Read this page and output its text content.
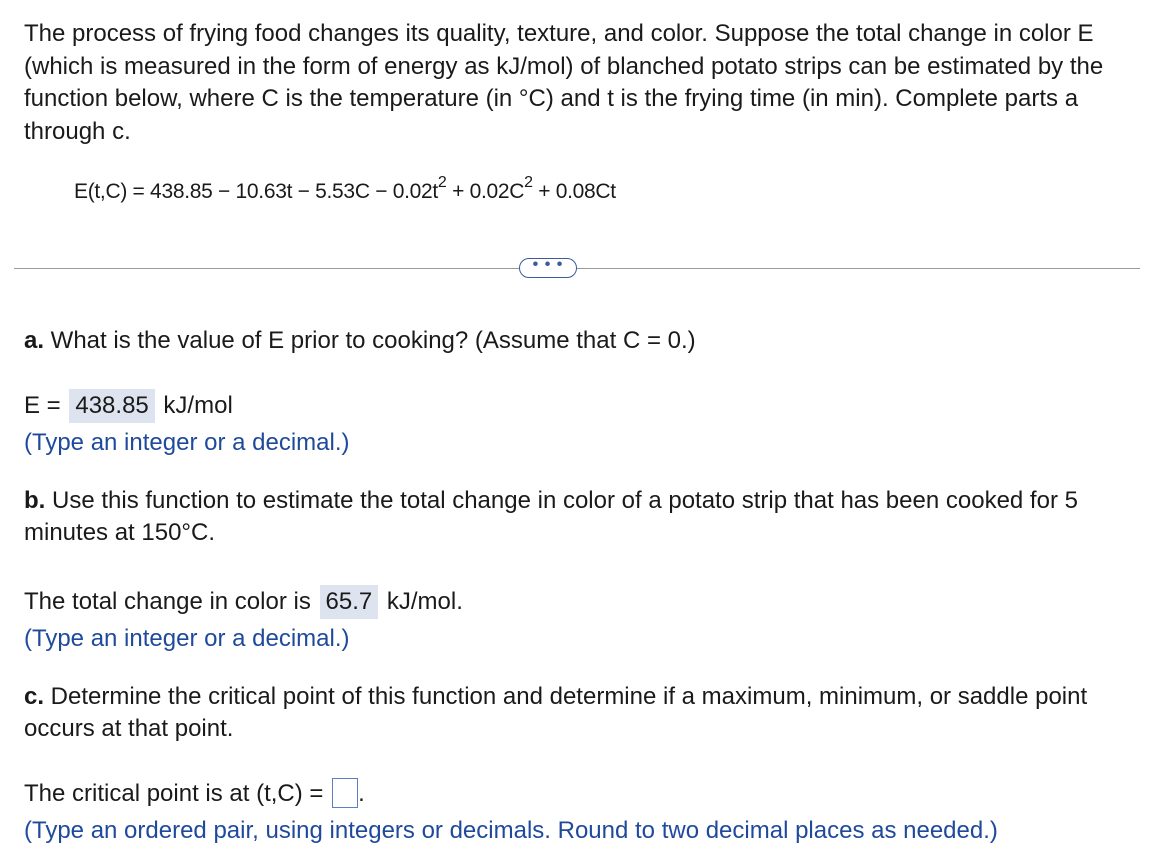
The process of frying food changes its quality, texture, and color. Suppose the total change in color E (which is measured in the form of energy as kJ/mol) of blanched potato strips can be estimated by the function below, where C is the temperature (in °C) and t is the frying time (in min). Complete parts a through c.
$E(t,C) = 438.85 - 10.63t - 5.53C - 0.02t^2 + 0.02C^2 + 0.08Ct$
• • •
a. What is the value of E prior to cooking? (Assume that C = 0.)
E = 438.85 kJ/mol
(Type an integer or a decimal.)
b. Use this function to estimate the total change in color of a potato strip that has been cooked for 5 minutes at 150°C.
The total change in color is 65.7 kJ/mol.
(Type an integer or a decimal.)
c. Determine the critical point of this function and determine if a maximum, minimum, or saddle point occurs at that point.
The critical point is at (t,C) = .
(Type an ordered pair, using integers or decimals. Round to two decimal places as needed.)
